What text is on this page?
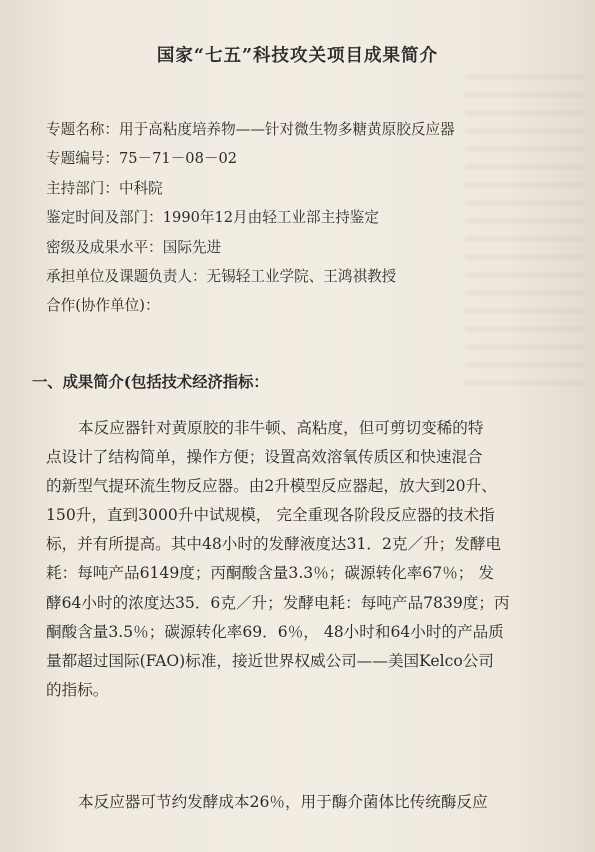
国家“七五”科技攻关项目成果简介
专题名称：用于高粘度培养物——针对微生物多糖黄原胶反应器
专题编号：75－71－08－02
主持部门：中科院
鉴定时间及部门：1990年12月由轻工业部主持鉴定
密级及成果水平：国际先进
承担单位及课题负责人：无锡轻工业学院、王鸿祺教授
合作(协作单位)：
一、成果简介(包括技术经济指标：
本反应器针对黄原胶的非牛顿、高粘度，但可剪切变稀的特
点设计了结构简单，操作方便；设置高效溶氧传质区和快速混合
的新型气提环流生物反应器。由2升模型反应器起，放大到20升、
150升，直到3000升中试规模， 完全重现各阶段反应器的技术指
标，并有所提高。其中48小时的发酵液度达31．2克／升；发酵电
耗：每吨产品6149度；丙酮酸含量3.3％；碳源转化率67％； 发
酵64小时的浓度达35．6克／升；发酵电耗：每吨产品7839度；丙
酮酸含量3.5％；碳源转化率69．6％， 48小时和64小时的产品质
量都超过国际(FAO)标准，接近世界权威公司——美国Kelco公司
的指标。
本反应器可节约发酵成本26％，用于酶介菌体比传统酶反应
